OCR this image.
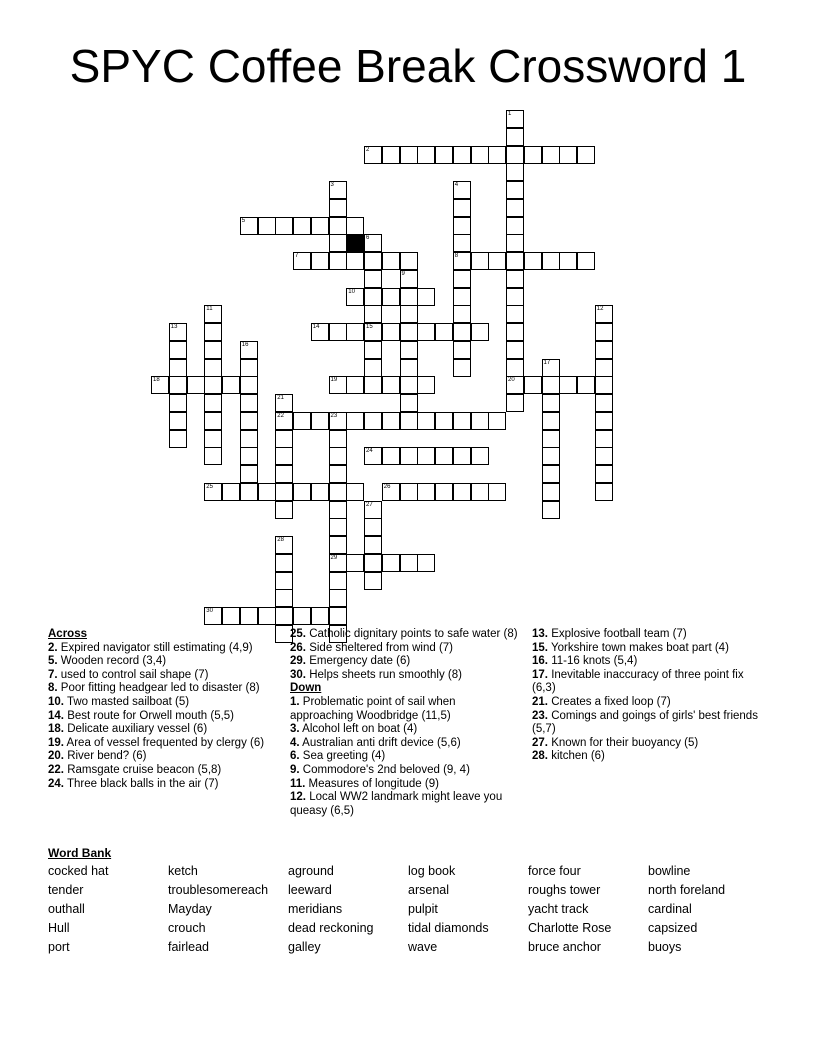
SPYC Coffee Break Crossword 1
1
20
2
3	4
8
5
6
15
7
9
10
11	12
13	14
16
17
18	19
21
22	23
29
24
25	26
27
28
30
Across
2. Expired navigator still estimating (4,9)
5. Wooden record (3,4)
7. used to control sail shape (7)
8. Poor fitting headgear led to disaster (8)
10. Two masted sailboat (5)
14. Best route for Orwell mouth (5,5)
18. Delicate auxiliary vessel (6)
19. Area of vessel frequented by clergy (6)
20. River bend? (6)
22. Ramsgate cruise beacon (5,8)
24. Three black balls in the air (7)
25. Catholic dignitary points to safe water (8)
26. Side sheltered from wind (7)
29. Emergency date (6)
30. Helps sheets run smoothly (8)
Down
1. Problematic point of sail when approaching Woodbridge (11,5)
3. Alcohol left on boat (4)
4. Australian anti drift device (5,6)
6. Sea greeting (4)
9. Commodore's 2nd beloved (9, 4)
11. Measures of longitude (9)
12. Local WW2 landmark might leave you queasy (6,5)
13. Explosive football team (7)
15. Yorkshire town makes boat part (4)
16. 11-16 knots (5,4)
17. Inevitable inaccuracy of three point fix (6,3)
21. Creates a fixed loop (7)
23. Comings and goings of girls' best friends (5,7)
27. Known for their buoyancy (5)
28. kitchen (6)
Word Bank
cocked hat
tender
outhall
Hull
port
ketch
troublesomereach
Mayday
crouch
fairlead
aground
leeward
meridians
dead reckoning
galley
log book
arsenal
pulpit
tidal diamonds
wave
force four
roughs tower
yacht track
Charlotte Rose
bruce anchor
bowline
north foreland
cardinal
capsized
buoys
